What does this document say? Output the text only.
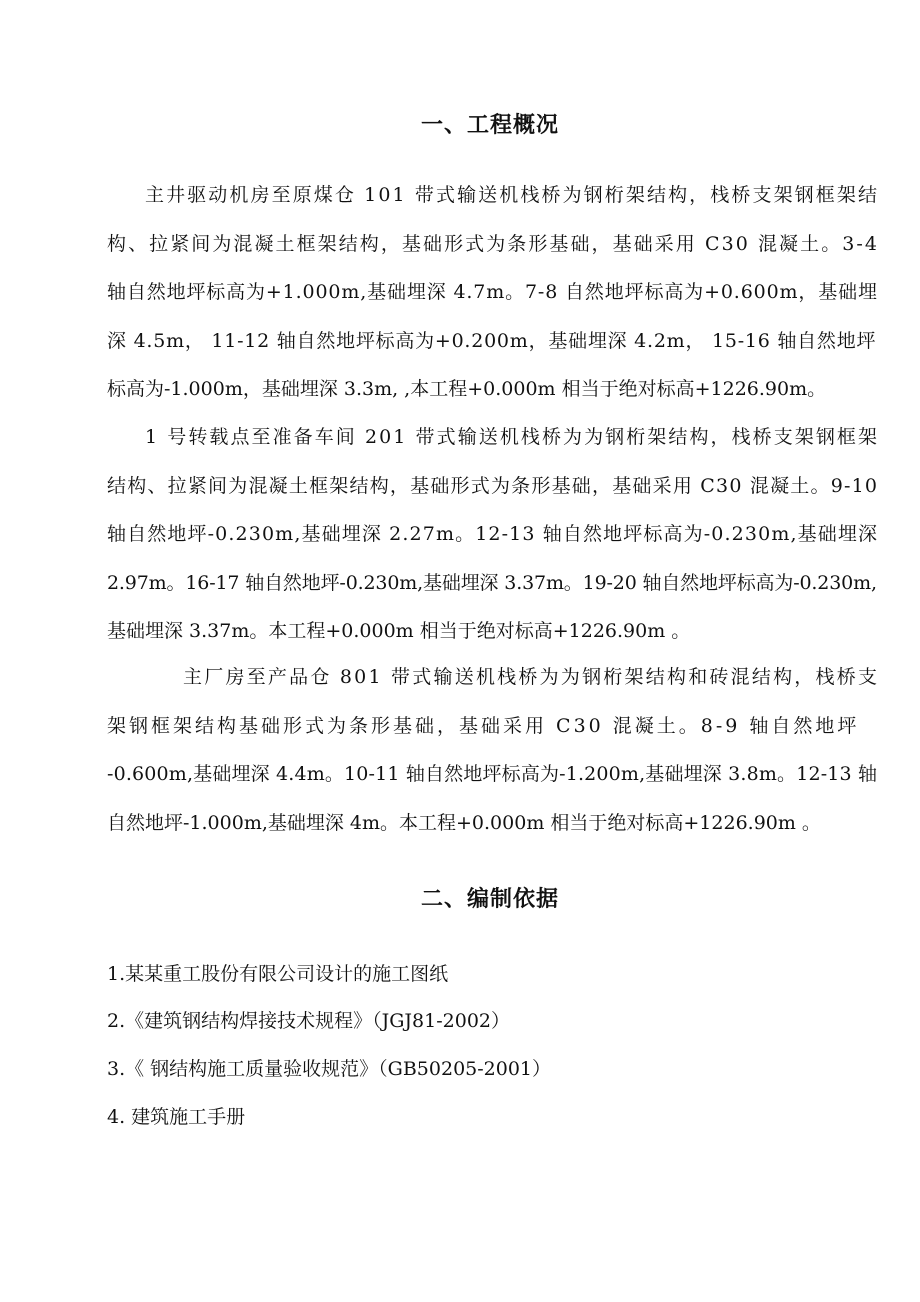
一、工程概况
主井驱动机房至原煤仓 101 带式输送机栈桥为钢桁架结构，栈桥支架钢框架结
构、拉紧间为混凝土框架结构，基础形式为条形基础，基础采用 C30 混凝土。3-4
轴自然地坪标高为+1.000m,基础埋深 4.7m。7-8 自然地坪标高为+0.600m，基础埋
深 4.5m， 11-12 轴自然地坪标高为+0.200m，基础埋深 4.2m， 15-16 轴自然地坪
标高为-1.000m，基础埋深 3.3m, ,本工程+0.000m 相当于绝对标高+1226.90m。
1 号转载点至准备车间 201 带式输送机栈桥为为钢桁架结构，栈桥支架钢框架
结构、拉紧间为混凝土框架结构，基础形式为条形基础，基础采用 C30 混凝土。9-10
轴自然地坪-0.230m,基础埋深 2.27m。12-13 轴自然地坪标高为-0.230m,基础埋深
2.97m。16-17 轴自然地坪-0.230m,基础埋深 3.37m。19-20 轴自然地坪标高为-0.230m,
基础埋深 3.37m。本工程+0.000m 相当于绝对标高+1226.90m 。
主厂房至产品仓 801 带式输送机栈桥为为钢桁架结构和砖混结构，栈桥支
架钢框架结构基础形式为条形基础，基础采用 C30 混凝土。8-9 轴自然地坪
-0.600m,基础埋深 4.4m。10-11 轴自然地坪标高为-1.200m,基础埋深 3.8m。12-13 轴
自然地坪-1.000m,基础埋深 4m。本工程+0.000m 相当于绝对标高+1226.90m 。
二、编制依据
1.某某重工股份有限公司设计的施工图纸
2.《建筑钢结构焊接技术规程》（JGJ81-2002）
3.《 钢结构施工质量验收规范》（GB50205-2001）
4. 建筑施工手册
